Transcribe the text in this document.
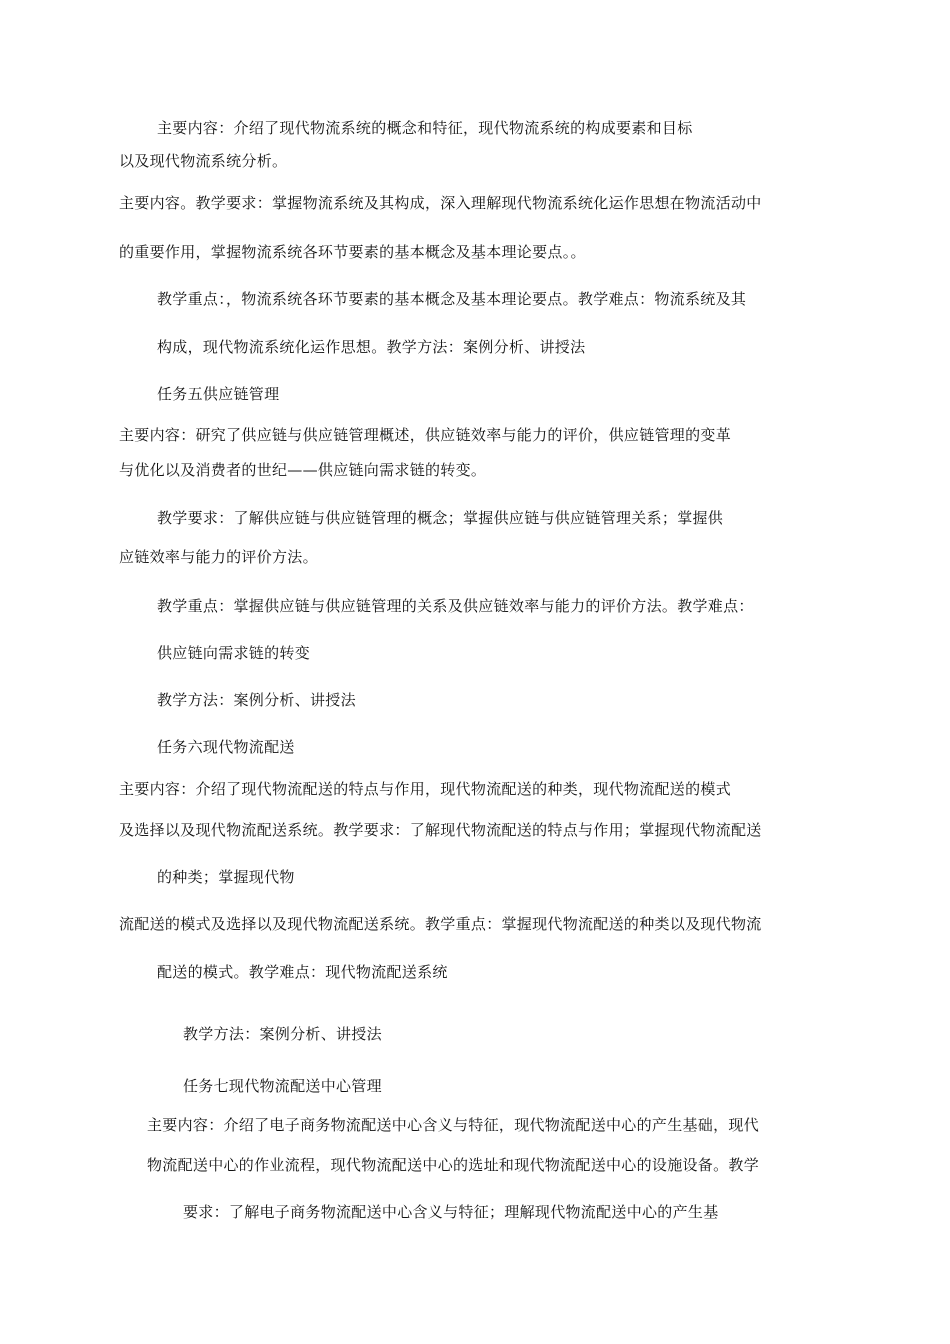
主要内容：介绍了现代物流系统的概念和特征，现代物流系统的构成要素和目标
以及现代物流系统分析。
主要内容。教学要求：掌握物流系统及其构成，深入理解现代物流系统化运作思想在物流活动中
的重要作用，掌握物流系统各环节要素的基本概念及基本理论要点。。
教学重点：，物流系统各环节要素的基本概念及基本理论要点。教学难点：物流系统及其
构成，现代物流系统化运作思想。教学方法：案例分析、讲授法
任务五供应链管理
主要内容：研究了供应链与供应链管理概述，供应链效率与能力的评价，供应链管理的变革
与优化以及消费者的世纪——供应链向需求链的转变。
教学要求：了解供应链与供应链管理的概念；掌握供应链与供应链管理关系；掌握供
应链效率与能力的评价方法。
教学重点：掌握供应链与供应链管理的关系及供应链效率与能力的评价方法。教学难点：
供应链向需求链的转变
教学方法：案例分析、讲授法
任务六现代物流配送
主要内容：介绍了现代物流配送的特点与作用，现代物流配送的种类，现代物流配送的模式
及选择以及现代物流配送系统。教学要求：了解现代物流配送的特点与作用；掌握现代物流配送
的种类；掌握现代物
流配送的模式及选择以及现代物流配送系统。教学重点：掌握现代物流配送的种类以及现代物流
配送的模式。教学难点：现代物流配送系统
教学方法：案例分析、讲授法
任务七现代物流配送中心管理
主要内容：介绍了电子商务物流配送中心含义与特征，现代物流配送中心的产生基础，现代
物流配送中心的作业流程，现代物流配送中心的选址和现代物流配送中心的设施设备。教学
要求：了解电子商务物流配送中心含义与特征；理解现代物流配送中心的产生基
